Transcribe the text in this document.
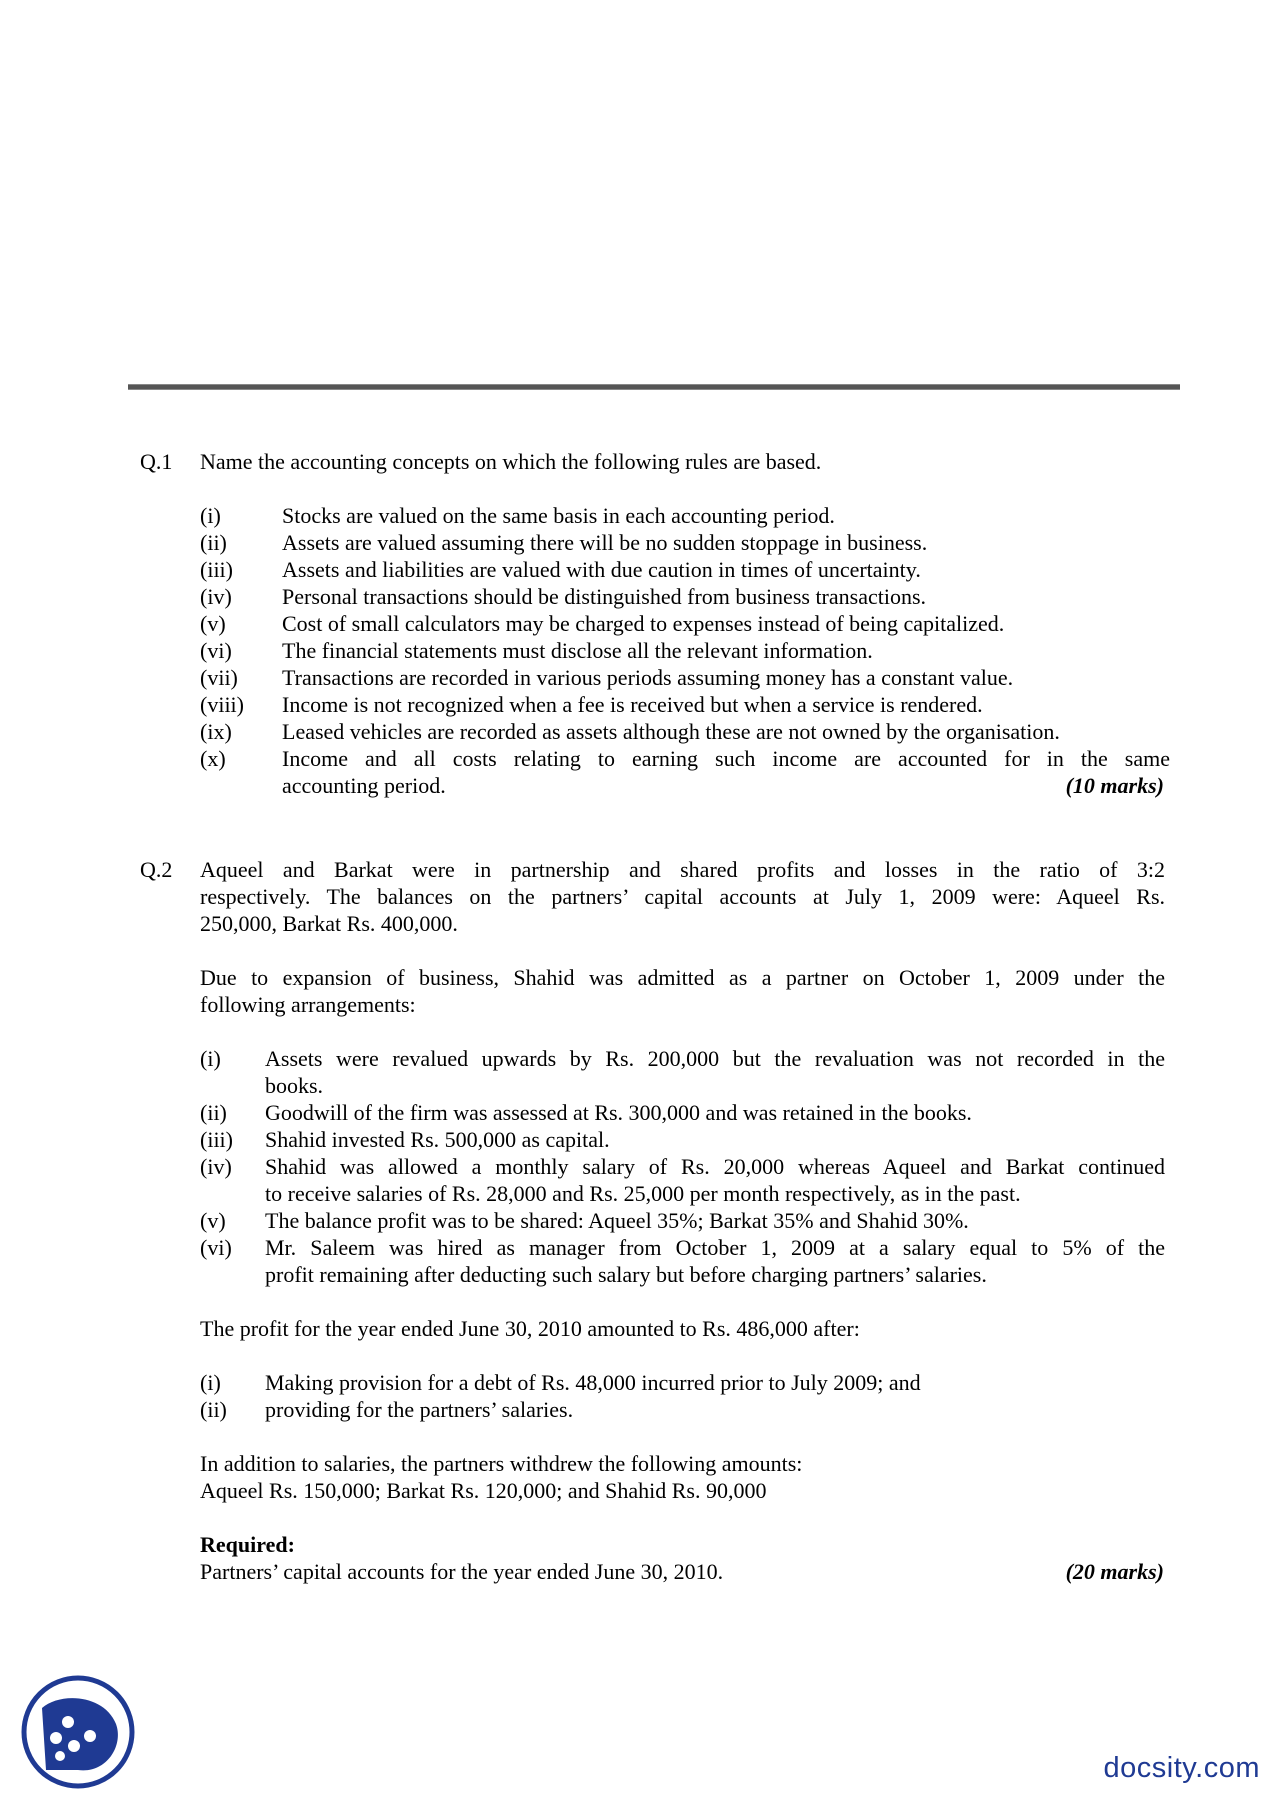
Q.1 Name the accounting concepts on which the following rules are based.
(i)	Stocks are valued on the same basis in each accounting period.
(ii)	Assets are valued assuming there will be no sudden stoppage in business.
(iii) Assets and liabilities are valued with due caution in times of uncertainty.
(iv) Personal transactions should be distinguished from business transactions.
(v)	Cost of small calculators may be charged to expenses instead of being capitalized.
(vi) The financial statements must disclose all the relevant information.
(vii) Transactions are recorded in various periods assuming money has a constant value.
(viii) Income is not recognized when a fee is received but when a service is rendered.
(ix) Leased vehicles are recorded as assets although these are not owned by the organisation.
(x)	Income and all costs relating to earning such income are accounted for in the same
accounting period.	(10 marks)
Q.2 Aqueel and Barkat were in partnership and shared profits and losses in the ratio of 3:2
respectively. The balances on the partners’ capital accounts at July 1, 2009 were: Aqueel Rs.
250,000, Barkat Rs. 400,000.
Due to expansion of business, Shahid was admitted as a partner on October 1, 2009 under the
following arrangements:
(i) Assets were revalued upwards by Rs. 200,000 but the revaluation was not recorded in the
books.
(ii) Goodwill of the firm was assessed at Rs. 300,000 and was retained in the books.
(iii) Shahid invested Rs. 500,000 as capital.
(iv) Shahid was allowed a monthly salary of Rs. 20,000 whereas Aqueel and Barkat continued
to receive salaries of Rs. 28,000 and Rs. 25,000 per month respectively, as in the past.
(v) The balance profit was to be shared: Aqueel 35%; Barkat 35% and Shahid 30%.
(vi) Mr. Saleem was hired as manager from October 1, 2009 at a salary equal to 5% of the
profit remaining after deducting such salary but before charging partners’ salaries.
The profit for the year ended June 30, 2010 amounted to Rs. 486,000 after:
(i) Making provision for a debt of Rs. 48,000 incurred prior to July 2009; and
(ii) providing for the partners’ salaries.
In addition to salaries, the partners withdrew the following amounts:
Aqueel Rs. 150,000; Barkat Rs. 120,000; and Shahid Rs. 90,000
Required:
Partners’ capital accounts for the year ended June 30, 2010.	(20 marks)
docsity.com
